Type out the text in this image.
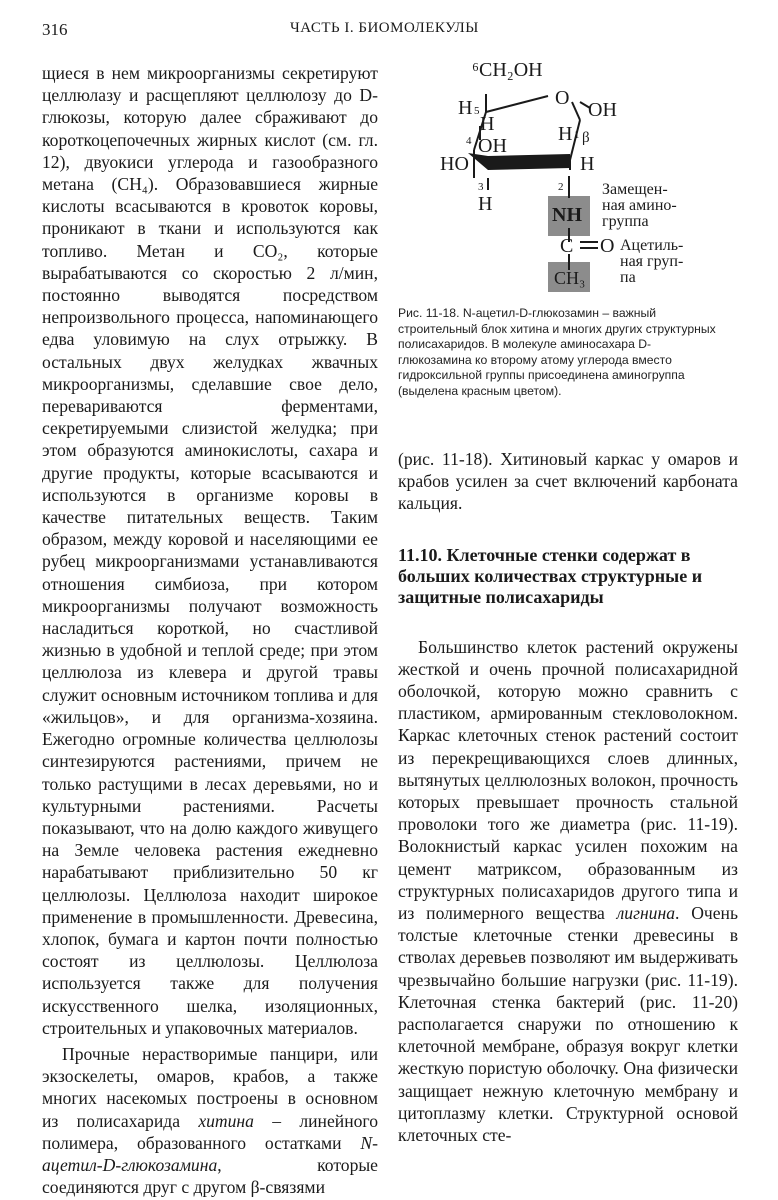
316	ЧАСТЬ I. БИОМОЛЕКУЛЫ

щиеся в нем микроорганизмы секретируют целлюлазу и расщепляют целлюлозу до D-глюкозы, которую далее сбраживают до короткоцепочечных жирных кислот (см. гл. 12), двуокиси углерода и газообразного метана (CH₄). Образовавшиеся жирные кислоты всасываются в кровоток коровы, проникают в ткани и используются как топливо. Метан и CO₂, которые вырабатываются со скоростью 2 л/мин, постоянно выводятся посредством непроизвольного процесса, напоминающего едва уловимую на слух отрыжку. В остальных двух желудках жвачных микроорганизмы, сделавшие свое дело, перевариваются ферментами, секретируемыми слизистой желудка; при этом образуются аминокислоты, сахара и другие продукты, которые всасываются и используются в организме коровы в качестве питательных веществ. Таким образом, между коровой и населяющими ее рубец микроорганизмами устанавливаются отношения симбиоза, при котором микроорганизмы получают возможность насладиться короткой, но счастливой жизнью в удобной и теплой среде; при этом целлюлоза из клевера и другой травы служит основным источником топлива и для «жильцов», и для организма-хозяина. Ежегодно огромные количества целлюлозы синтезируются растениями, причем не только растущими в лесах деревьями, но и культурными растениями. Расчеты показывают, что на долю каждого живущего на Земле человека растения ежедневно нарабатывают приблизительно 50 кг целлюлозы. Целлюлоза находит широкое применение в промышленности. Древесина, хлопок, бумага и картон почти полностью состоят из целлюлозы. Целлюлоза используется также для получения искусственного шелка, изоляционных, строительных и упаковочных материалов.

Прочные нерастворимые панцири, или экзоскелеты, омаров, крабов, а также многих насекомых построены в основном из полисахарида хитина – линейного полимера, образованного остатками N-ацетил-D-глюкозамина, которые соединяются друг с другом β-связями

⁶CH₂OH
O
OH
H 5
H
4 OH
H 1 β
HO	H
3	2
H	NH
C O
CH₃
Замещен-
ная амино-
группа
Ацетиль-
ная груп-
па
Рис. 11-18. N-ацетил-D-глюкозамин – важный строительный блок хитина и многих других структурных полисахаридов. В молекуле аминосахара D-глюкозамина ко второму атому углерода вместо гидроксильной группы присоединена аминогруппа (выделена красным цветом).

(рис. 11-18). Хитиновый каркас у омаров и крабов усилен за счет включений карбоната кальция.

11.10. Клеточные стенки содержат в больших количествах структурные и защитные полисахариды

Большинство клеток растений окружены жесткой и очень прочной полисахаридной оболочкой, которую можно сравнить с пластиком, армированным стекловолокном. Каркас клеточных стенок растений состоит из перекрещивающихся слоев длинных, вытянутых целлюлозных волокон, прочность которых превышает прочность стальной проволоки того же диаметра (рис. 11-19). Волокнистый каркас усилен похожим на цемент матриксом, образованным из структурных полисахаридов другого типа и из полимерного вещества лигнина. Очень толстые клеточные стенки древесины в стволах деревьев позволяют им выдерживать чрезвычайно большие нагрузки (рис. 11-19). Клеточная стенка бактерий (рис. 11-20) располагается снаружи по отношению к клеточной мембране, образуя вокруг клетки жесткую пористую оболочку. Она физически защищает нежную клеточную мембрану и цитоплазму клетки. Структурной основой клеточных сте-
